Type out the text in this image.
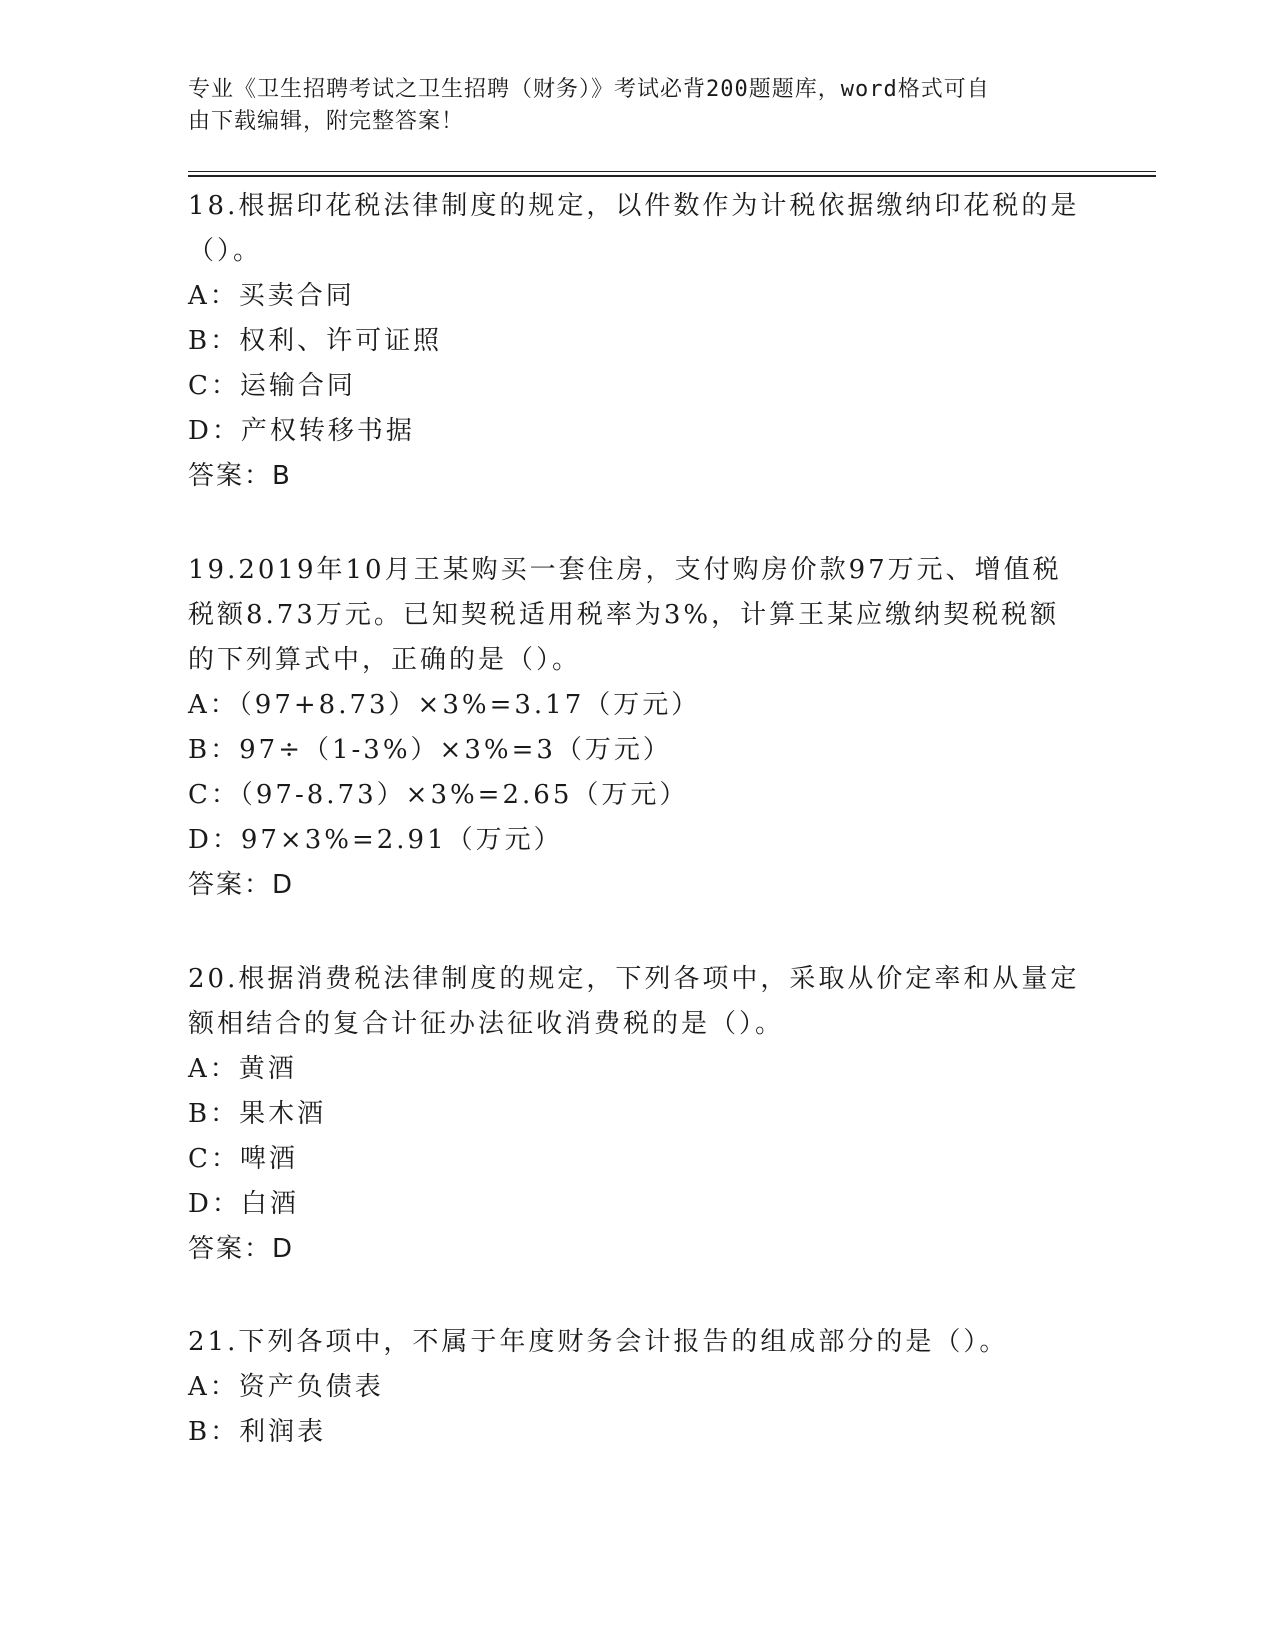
专业《卫生招聘考试之卫生招聘（财务）》考试必背200题题库，word格式可自
由下载编辑，附完整答案！

18.根据印花税法律制度的规定，以件数作为计税依据缴纳印花税的是（）。

A：买卖合同
B：权利、许可证照
C：运输合同
D：产权转移书据
答案：B

19.2019年10月王某购买一套住房，支付购房价款97万元、增值税税额8.73万元。已知契税适用税率为3%，计算王某应缴纳契税税额的下列算式中，正确的是（）。

A：（97+8.73）×3%=3.17（万元）
B：97÷（1-3%）×3%=3（万元）
C：（97-8.73）×3%=2.65（万元）
D：97×3%=2.91（万元）
答案：D

20.根据消费税法律制度的规定，下列各项中，采取从价定率和从量定额相结合的复合计征办法征收消费税的是（）。

A：黄酒
B：果木酒
C：啤酒
D：白酒
答案：D

21.下列各项中，不属于年度财务会计报告的组成部分的是（）。

A：资产负债表
B：利润表
